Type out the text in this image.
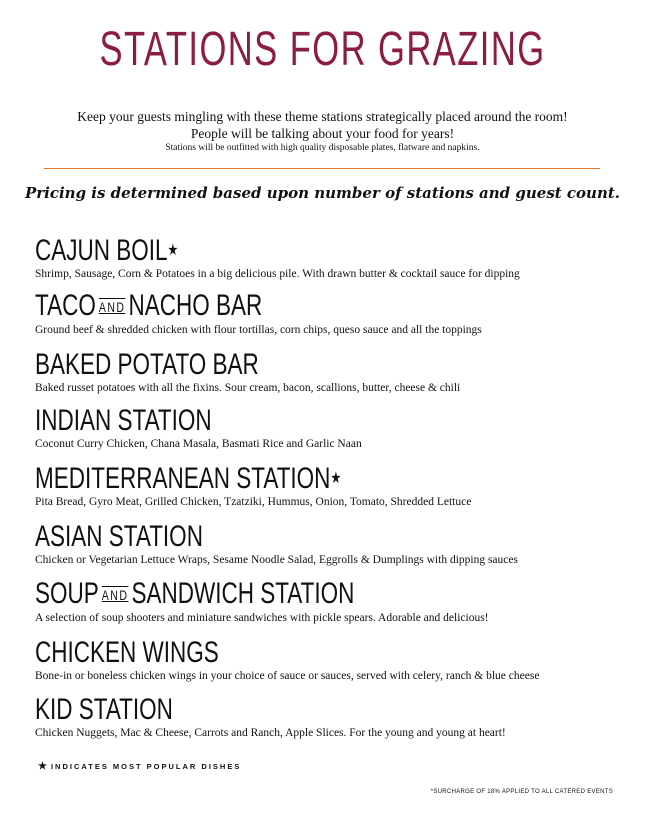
STATIONS FOR GRAZING
Keep your guests mingling with these theme stations strategically placed around the room!
People will be talking about your food for years!
Stations will be outfitted with high quality disposable plates, flatware and napkins.
Pricing is determined based upon number of stations and guest count.
CAJUN BOIL★
Shrimp, Sausage, Corn & Potatoes in a big delicious pile. With drawn butter & cocktail sauce for dipping
TACO AND NACHO BAR
Ground beef & shredded chicken with flour tortillas, corn chips, queso sauce and all the toppings
BAKED POTATO BAR
Baked russet potatoes with all the fixins. Sour cream, bacon, scallions, butter, cheese & chili
INDIAN STATION
Coconut Curry Chicken, Chana Masala, Basmati Rice and Garlic Naan
MEDITERRANEAN STATION★
Pita Bread, Gyro Meat, Grilled Chicken, Tzatziki, Hummus, Onion, Tomato, Shredded Lettuce
ASIAN STATION
Chicken or Vegetarian Lettuce Wraps, Sesame Noodle Salad, Eggrolls & Dumplings with dipping sauces
SOUP AND SANDWICH STATION
A selection of soup shooters and miniature sandwiches with pickle spears. Adorable and delicious!
CHICKEN WINGS
Bone-in or boneless chicken wings in your choice of sauce or sauces, served with celery, ranch & blue cheese
KID STATION
Chicken Nuggets, Mac & Cheese, Carrots and Ranch, Apple Slices. For the young and young at heart!
★ INDICATES MOST POPULAR DISHES
*SURCHARGE OF 18% APPLIED TO ALL CATERED EVENTS
